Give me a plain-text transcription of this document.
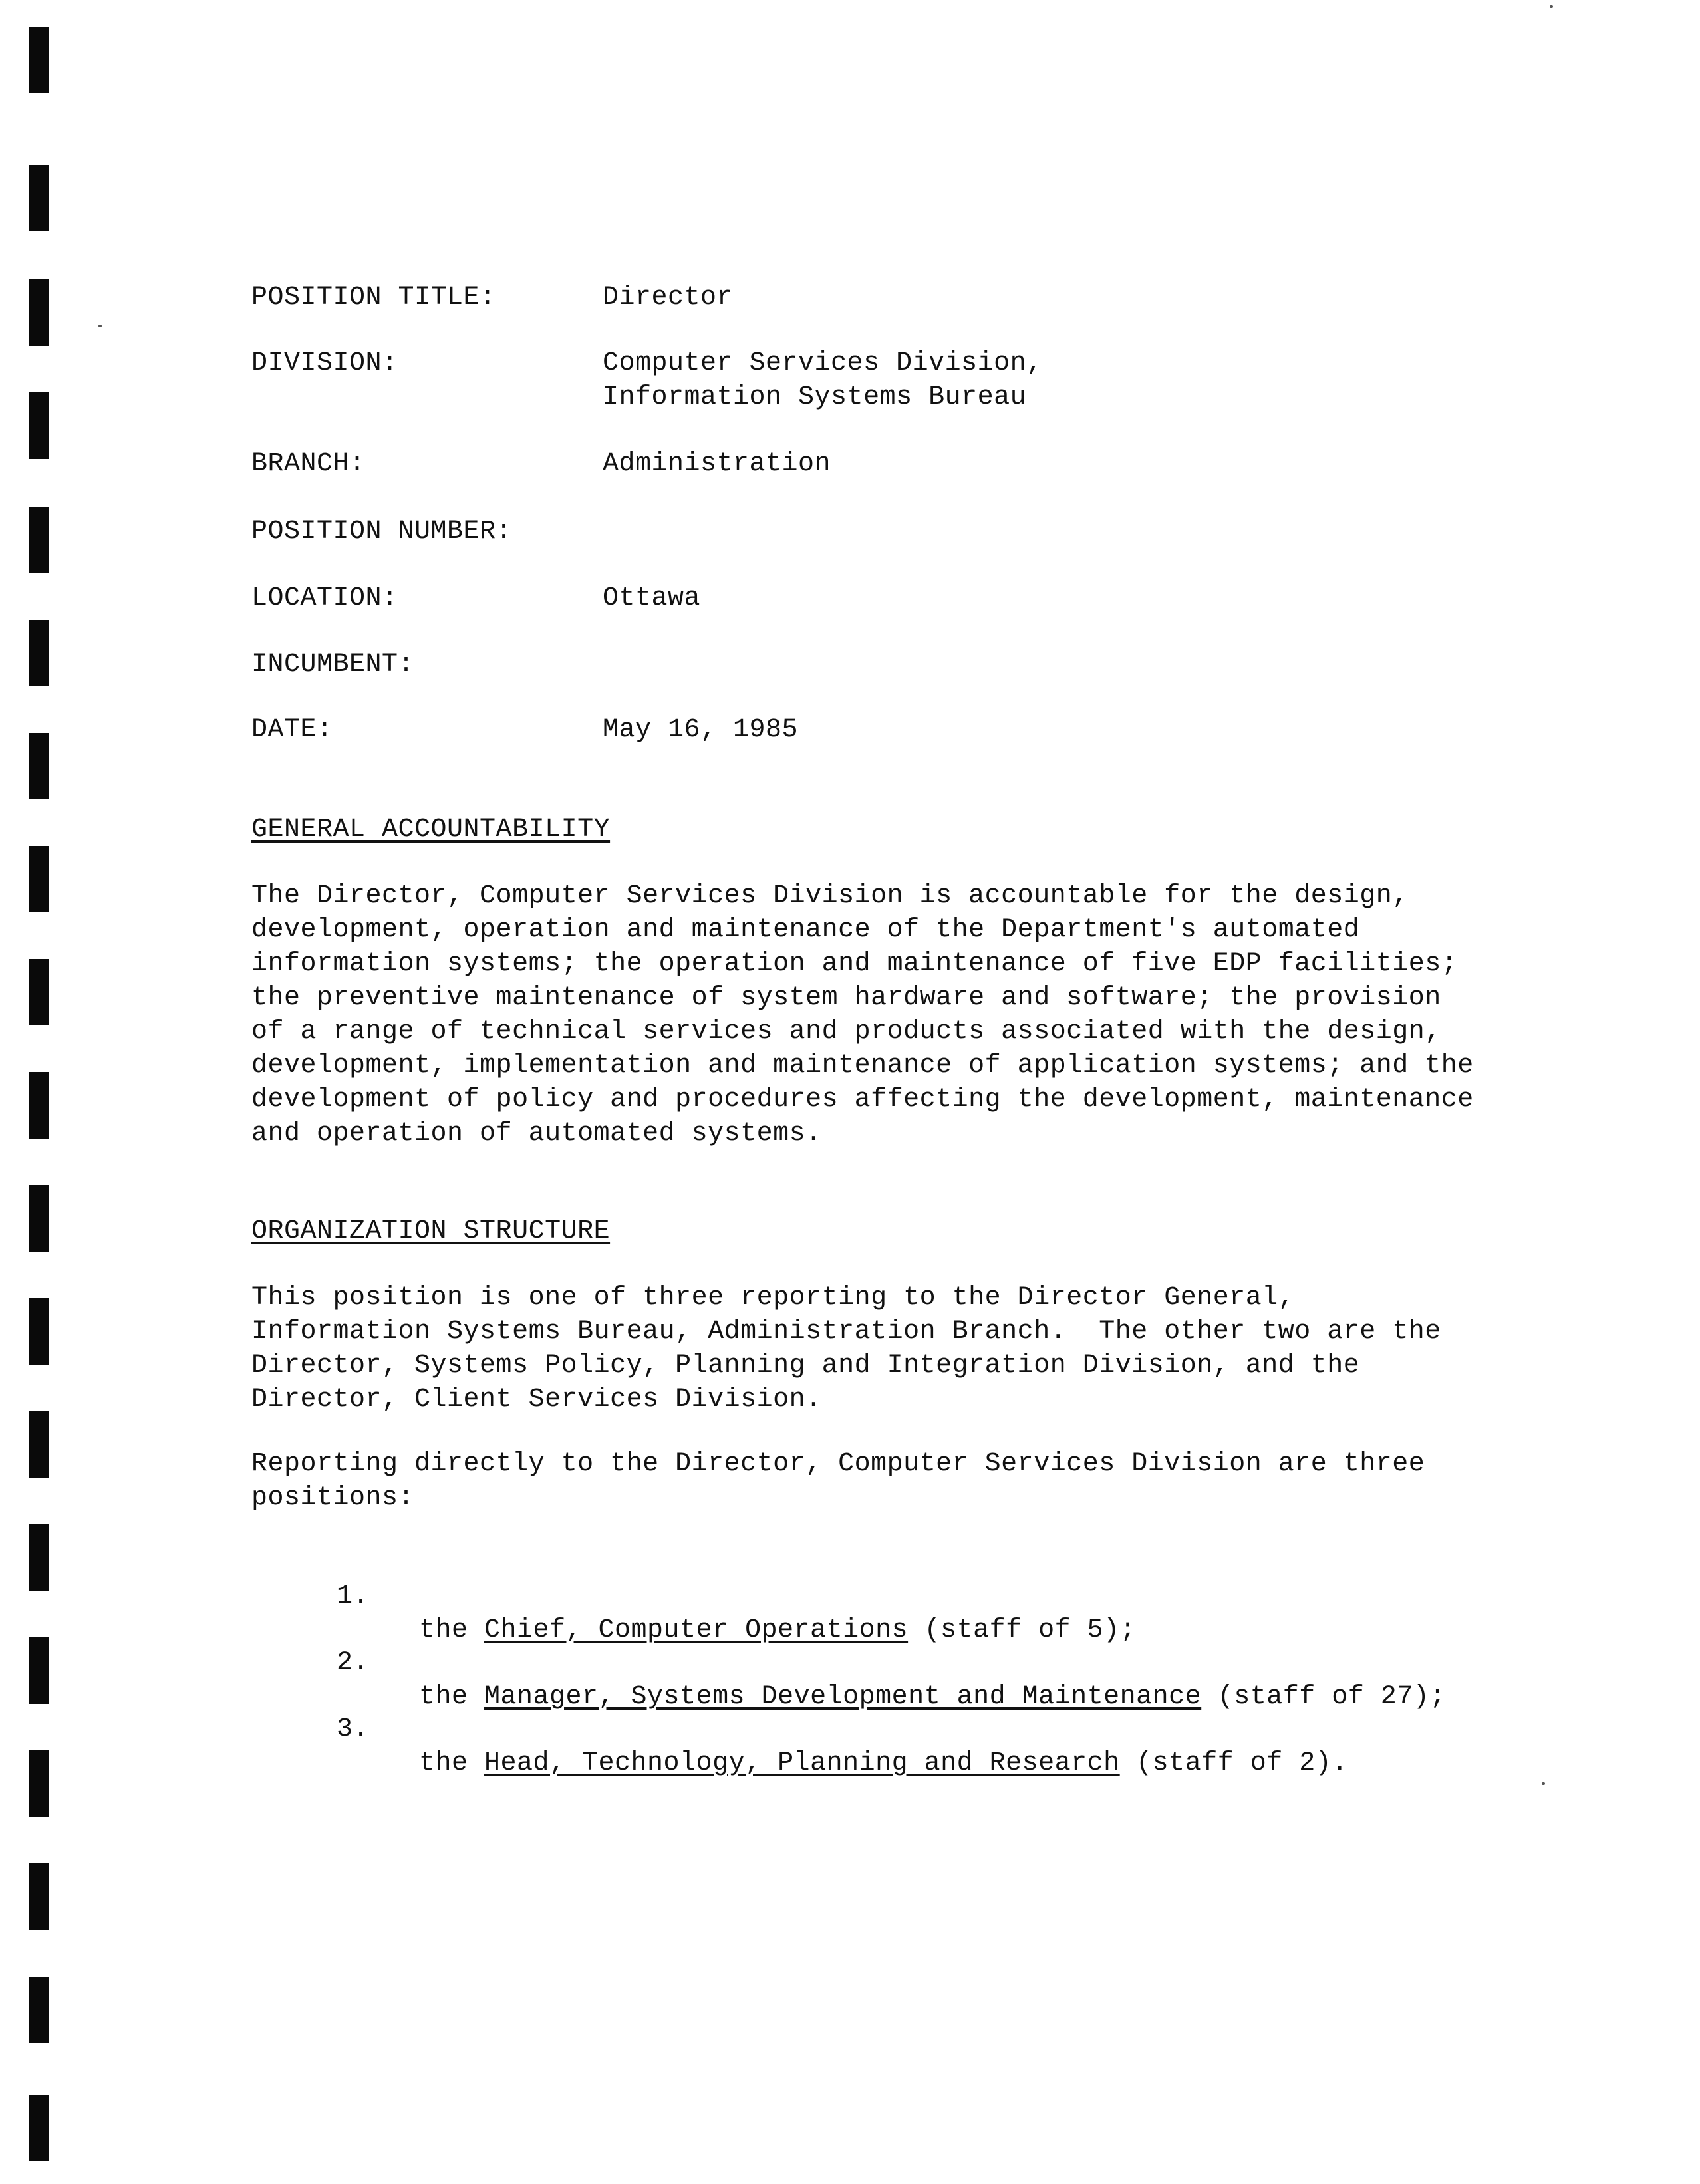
POSITION TITLE:	Director
DIVISION:	Computer Services Division,
Information Systems Bureau
BRANCH:	Administration
POSITION NUMBER:
LOCATION:	Ottawa
INCUMBENT:
DATE:	May 16, 1985
GENERAL ACCOUNTABILITY
The Director, Computer Services Division is accountable for the design,
development, operation and maintenance of the Department's automated
information systems; the operation and maintenance of five EDP facilities;
the preventive maintenance of system hardware and software; the provision
of a range of technical services and products associated with the design,
development, implementation and maintenance of application systems; and the
development of policy and procedures affecting the development, maintenance
and operation of automated systems.
ORGANIZATION STRUCTURE
This position is one of three reporting to the Director General,
Information Systems Bureau, Administration Branch.  The other two are the
Director, Systems Policy, Planning and Integration Division, and the
Director, Client Services Division.
Reporting directly to the Director, Computer Services Division are three
positions:

1.

the Chief, Computer Operations (staff of 5);

2.

the Manager, Systems Development and Maintenance (staff of 27);

3.

the Head, Technology, Planning and Research (staff of 2).
